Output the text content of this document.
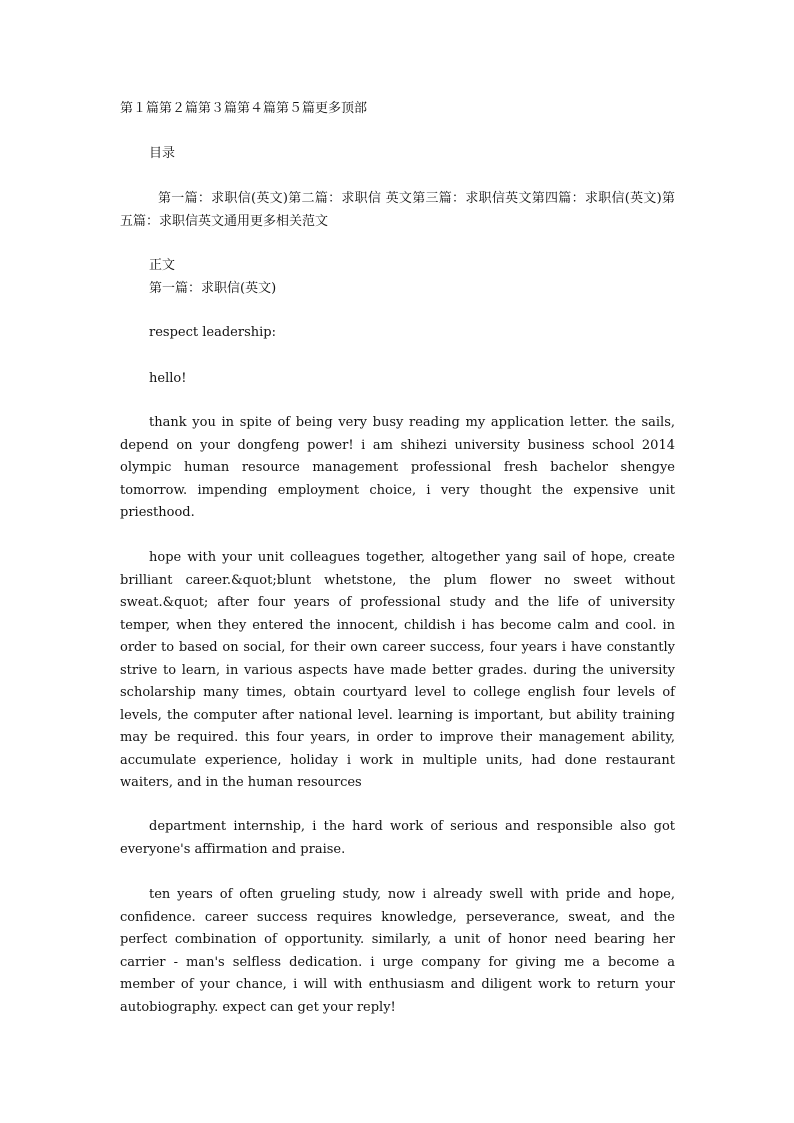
第１篇第２篇第３篇第４篇第５篇更多顶部

目录

第一篇：求职信(英文)第二篇：求职信 英文第三篇：求职信英文第四篇：求职信(英文)第五篇：求职信英文通用更多相关范文

正文

第一篇：求职信(英文)

respect leadership:

hello!

thank you in spite of being very busy reading my application letter. the sails, depend on your dongfeng power! i am shihezi university business school 2014 olympic human resource management professional fresh bachelor shengye tomorrow. impending employment choice, i very thought the expensive unit priesthood.

hope with your unit colleagues together, altogether yang sail of hope, create brilliant career.&quot;blunt whetstone, the plum flower no sweet without sweat.&quot; after four years of professional study and the life of university temper, when they entered the innocent, childish i has become calm and cool. in order to based on social, for their own career success, four years i have constantly strive to learn, in various aspects have made better grades. during the university scholarship many times, obtain courtyard level to college english four levels of levels, the computer after national level. learning is important, but ability training may be required. this four years, in order to improve their management ability, accumulate experience, holiday i work in multiple units, had done restaurant waiters, and in the human resources

department internship, i the hard work of serious and responsible also got everyone's affirmation and praise.

ten years of often grueling study, now i already swell with pride and hope, confidence. career success requires knowledge, perseverance, sweat, and the perfect combination of opportunity. similarly, a unit of honor need bearing her carrier - man's selfless dedication. i urge company for giving me a become a member of your chance, i will with enthusiasm and diligent work to return your autobiography. expect can get your reply!
